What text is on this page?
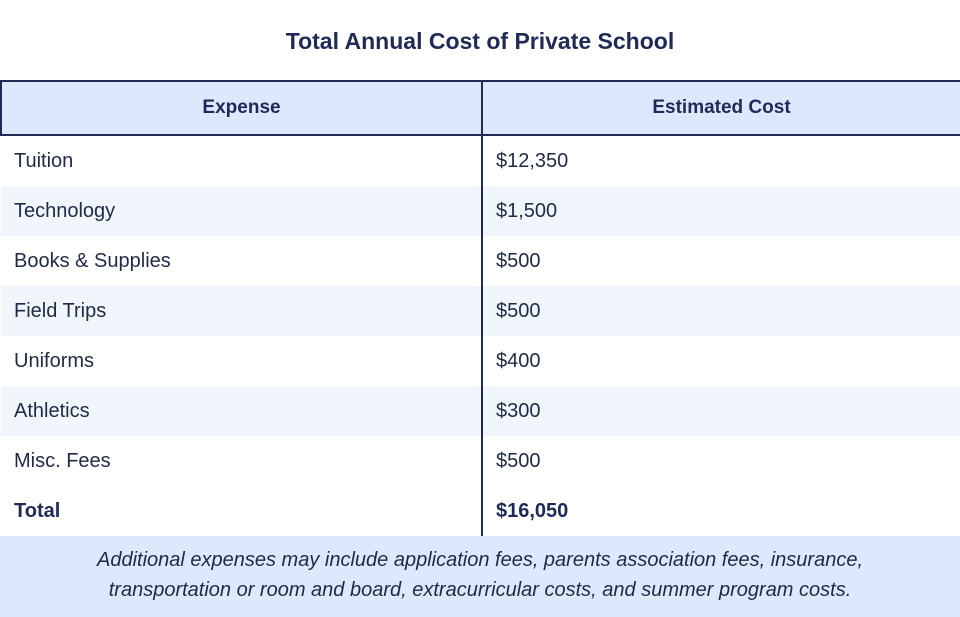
Total Annual Cost of Private School
Expense	Estimated Cost
Tuition	$12,350
Technology	$1,500
Books & Supplies	$500
Field Trips	$500
Uniforms	$400
Athletics	$300
Misc. Fees	$500
Total	$16,050
Additional expenses may include application fees, parents association fees, insurance, transportation or room and board, extracurricular costs, and summer program costs.
